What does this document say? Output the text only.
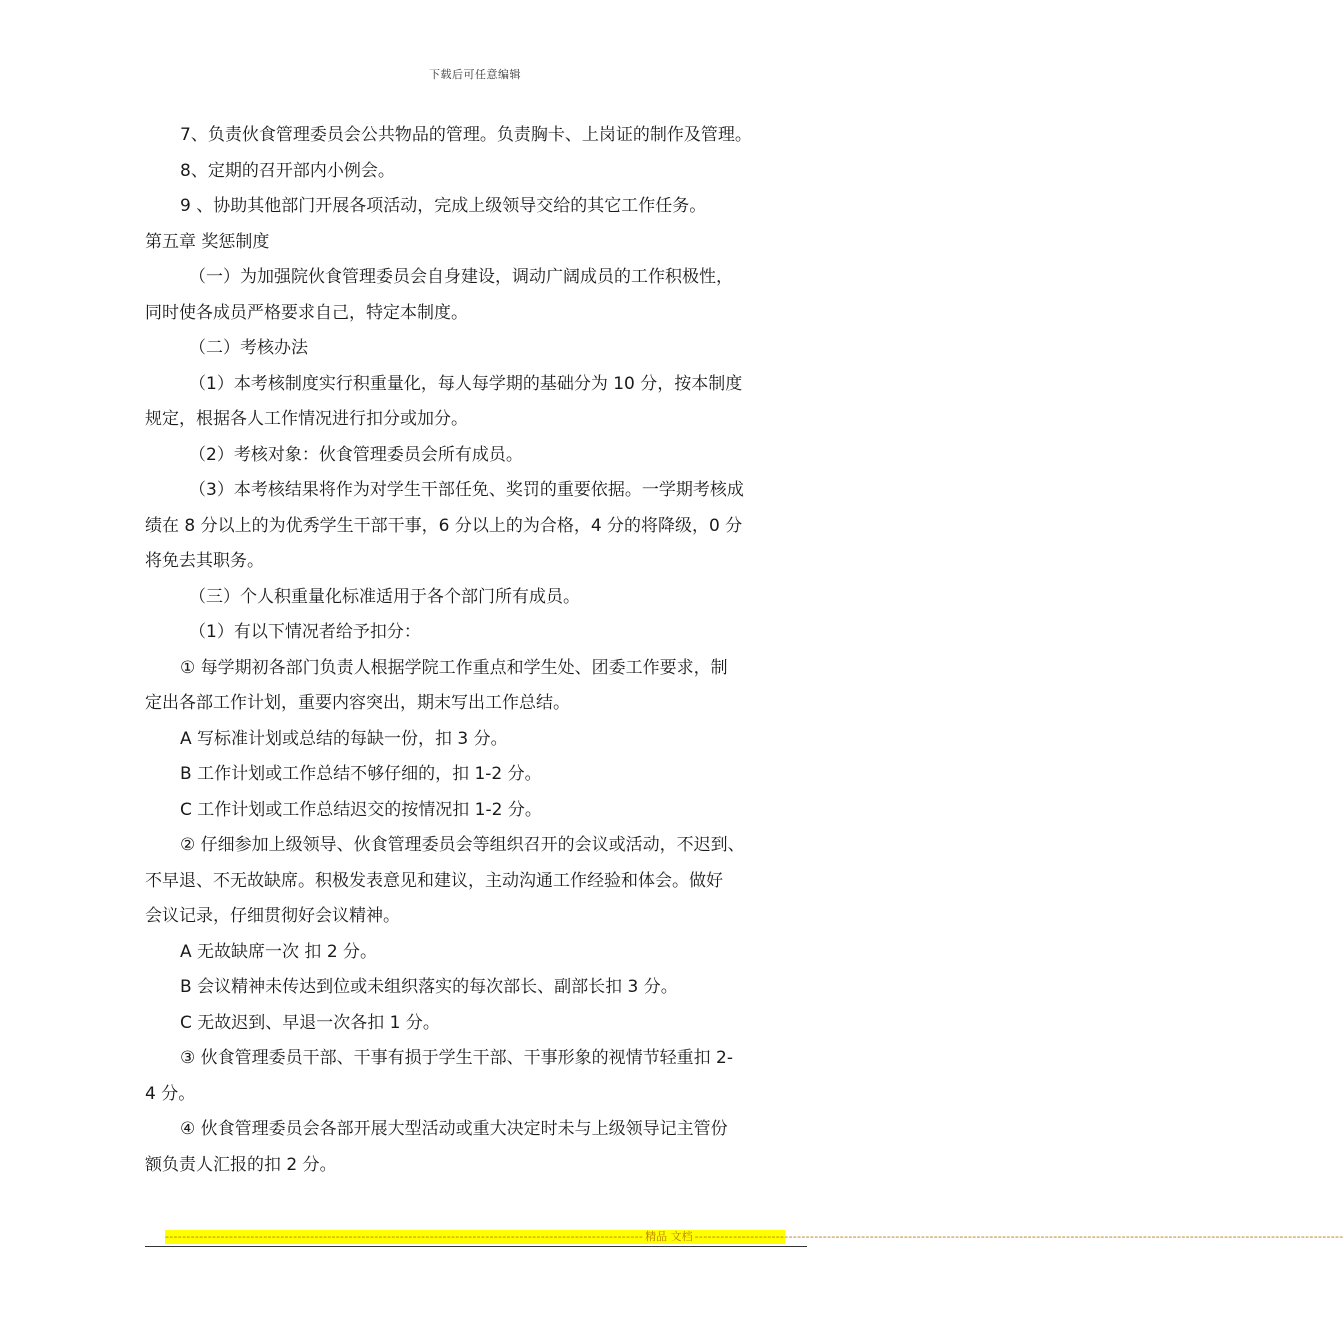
下载后可任意编辑
7、负责伙食管理委员会公共物品的管理。负责胸卡、上岗证的制作及管理。
8、定期的召开部内小例会。
9 、协助其他部门开展各项活动，完成上级领导交给的其它工作任务。
第五章 奖惩制度
（一）为加强院伙食管理委员会自身建设，调动广阔成员的工作积极性，
同时使各成员严格要求自己，特定本制度。
（二）考核办法
（1）本考核制度实行积重量化，每人每学期的基础分为 10 分，按本制度
规定，根据各人工作情况进行扣分或加分。
（2）考核对象：伙食管理委员会所有成员。
（3）本考核结果将作为对学生干部任免、奖罚的重要依据。一学期考核成
绩在 8 分以上的为优秀学生干部干事，6 分以上的为合格，4 分的将降级，0 分
将免去其职务。
（三）个人积重量化标准适用于各个部门所有成员。
（1）有以下情况者给予扣分：
① 每学期初各部门负责人根据学院工作重点和学生处、团委工作要求，制
定出各部工作计划，重要内容突出，期末写出工作总结。
A 写标准计划或总结的每缺一份，扣 3 分。
B 工作计划或工作总结不够仔细的，扣 1-2 分。
C 工作计划或工作总结迟交的按情况扣 1-2 分。
② 仔细参加上级领导、伙食管理委员会等组织召开的会议或活动，不迟到、
不早退、不无故缺席。积极发表意见和建议，主动沟通工作经验和体会。做好
会议记录，仔细贯彻好会议精神。
A 无故缺席一次 扣 2 分。
B 会议精神未传达到位或未组织落实的每次部长、副部长扣 3 分。
C 无故迟到、早退一次各扣 1 分。
③ 伙食管理委员干部、干事有损于学生干部、干事形象的视情节轻重扣 2-
4 分。
④ 伙食管理委员会各部开展大型活动或重大决定时未与上级领导记主管份
额负责人汇报的扣 2 分。
---------------------------------------------------------------------------------------------------------------- 精品 文档 --------------------------------------------------------------------------------------------------------------------------------------------------------
